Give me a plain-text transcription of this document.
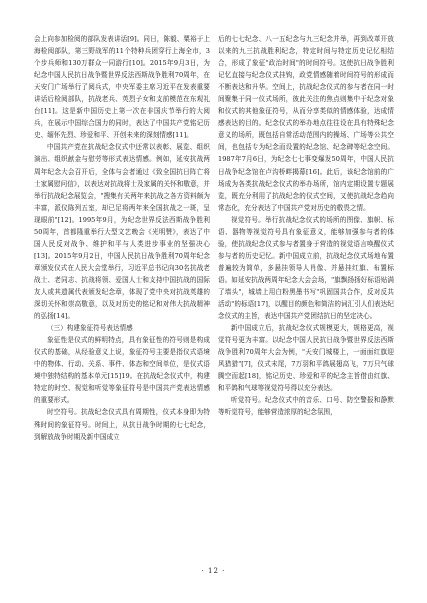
会上向参加检阅的部队发表讲话[9]。同日，陈毅、粟裕于上海检阅部队，第三野战军的11个特种兵团穿行上海全市，3个步兵师和130万群众一同游行[10]。2015年9月3日，为纪念中国人民抗日战争暨世界反法西斯战争胜利70周年，在天安门广场举行了阅兵式，中央军委主席习近平在发表重要讲话后检阅部队，抗战老兵、英烈子女和支前模范在东观礼台[11]。这是新中国历史上第一次在非国庆节举行的大阅兵，在展示中国综合国力的同时，表达了中国共产党铭记历史、缅怀先烈、珍爱和平、开创未来的深刻情感[11]。

中国共产党在抗战纪念仪式中还常以表彰、展览、组织演出、组织献金与慰劳等形式表达情感。例如，延安抗战两周年纪念大会召开后，全体与会者通过《致全国抗日阵亡将士家属慰问信》，以表达对抗战将士及家属的关怀和敬意，并举行抗战纪念展览会，"搜集有关两年来抗战之各方资料颇为丰富，派仪陈列五室，却已足将两年来全国抗战之一斑，呈现眼前"[12]。1995年9月，为纪念世界反法西斯战争胜利50周年，首都隆重举行大型文艺晚会《光明赞》，表达了中国人民反对战争、维护和平与人类进步事业的坚强决心[13]。2015年9月2日，中国人民抗日战争胜利70周年纪念章颁发仪式在人民大会堂举行，习近平总书记向30名抗战老战士、老同志、抗战将领、爱国人士和支持中国抗战的国际友人或其遗属代表颁发纪念章，体现了党中央对抗战英雄的深切关怀和崇高敬意，以及对历史的铭记和对伟大抗战精神的弘扬[14]。

（三）构建象征符号表达情感

象征性是仪式的鲜明特点，具有象征性的符号则是构成仪式的基础，从经验意义上说，象征符号主要是指仪式语境中的物体、行动、关系、事件、体态和空间单位，是仪式语境中独特结构的基本单元[15]19。在抗战纪念仪式中，构建特定的时空、视觉和听觉等象征符号是中国共产党表达情感的重要形式。

时空符号。抗战纪念仪式具有周期性，仪式本身即为特殊时间的象征符号。时间上，从抗日战争时期的七七纪念，到解放战争时期及新中国成立

后的七七纪念、八一五纪念与九三纪念并举，再到改革开放以来的九三抗战胜利纪念，特定时间与特定历史记忆相结合，形成了象征"政治时间"的时间符号。这使抗日战争胜利记忆直接与纪念仪式挂钩，政党情感随着时间符号的形成而不断表达和升华。空间上，抗战纪念仪式的参与者在同一时间聚集于同一仪式场所，彼此关注的焦点则集中于纪念对象和仪式的其他象征符号，从而分享类似的情感体验，达成情感表达的目的。纪念仪式的举办地点往往设在具有特殊纪念意义的场所，既包括自常活动范围内的操场、广场等公共空间，也包括专为纪念而设置的纪念馆、纪念碑等纪念空间。1987年7月6日，为纪念七七事变爆发50周年，中国人民抗日战争纪念馆在卢沟桥畔揭幕[16]。此后，该纪念馆前的广场成为各类抗战纪念仪式的举办场所，馆内定期设置专题展览，既充分利用了抗战纪念的仪式空间，又使抗战纪念趋向常态化，充分表达了中国共产党对历史的敬畏之情。

视觉符号。举行抗战纪念仪式的场所的图像、旗帜、标语、器物等视觉符号具有象征意义，能够加强参与者的体验，使抗战纪念仪式参与者置身于营造的视觉语言唤醒仪式参与者的历史记忆。新中国成立前，抗战纪念仪式场地布置普遍较为简单，多悬挂领导人肖像、并悬挂红旗、布置标语。如延安抗战两周年纪念大会会场，"旗飘扬扬好标语贴满了墙头"，城墙上用白粉黑墨书写"巩固国共合作，反对反共活动"的标语[17]，以醒目的颜色和简洁的词汇引人们表达纪念仪式的主旨，表达中国共产党团结抗日的坚定决心。

新中国成立后，抗战纪念仪式规模更大，规格更高，视觉符号更为丰富。以纪念中国人民抗日战争暨世界反法西斯战争胜利70周年大会为例，"天安门城楼上，一面面红旗迎风猎猎"[7]，仪式末尾，7万羽和平鸽展翅高飞，7万只气球腾空而起[18]，铭记历史、珍爱和平的纪念主旨借由红旗、和平鸽和气球等视觉符号得以充分表达。

听觉符号。纪念仪式中的音乐、口号、防空警报和静默等听觉符号，能够营造浓厚的纪念氛围，

· 12 ·
